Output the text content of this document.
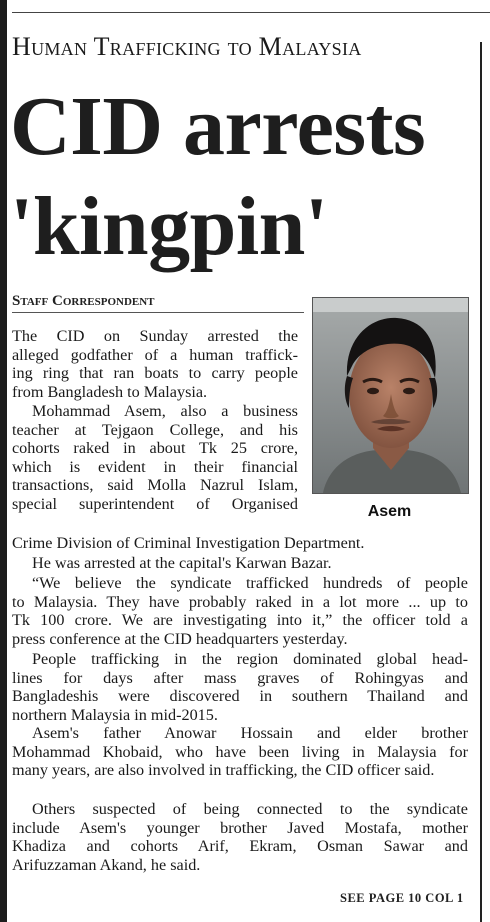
Human Trafficking to Malaysia
CID arrests
'kingpin'
Staff Correspondent
Asem

The CID on Sunday arrested the
alleged godfather of a human traffick-
ing ring that ran boats to carry people
from Bangladesh to Malaysia.

Mohammad Asem, also a business
teacher at Tejgaon College, and his
cohorts raked in about Tk 25 crore,
which is evident in their financial
transactions, said Molla Nazrul Islam,
special superintendent of Organised

Crime Division of Criminal Investigation Department.

He was arrested at the capital's Karwan Bazar.

“We believe the syndicate trafficked hundreds of people
to Malaysia. They have probably raked in a lot more ... up to
Tk 100 crore. We are investigating into it,” the officer told a
press conference at the CID headquarters yesterday.

People trafficking in the region dominated global head-
lines for days after mass graves of Rohingyas and
Bangladeshis were discovered in southern Thailand and
northern Malaysia in mid-2015.

Asem's father Anowar Hossain and elder brother
Mohammad Khobaid, who have been living in Malaysia for
many years, are also involved in trafficking, the CID officer said.

Others suspected of being connected to the syndicate
include Asem's younger brother Javed Mostafa, mother
Khadiza and cohorts Arif, Ekram, Osman Sawar and
Arifuzzaman Akand, he said.

SEE PAGE 10 COL 1
